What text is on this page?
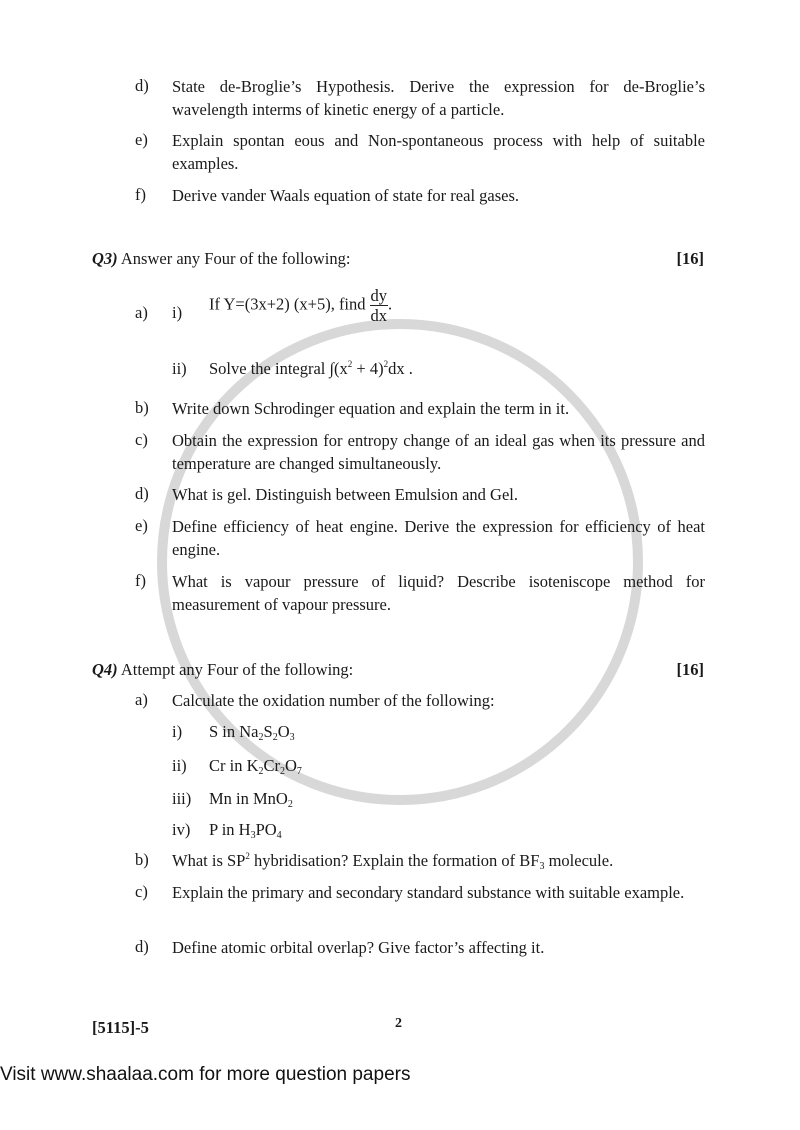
d) State de-Broglie’s Hypothesis. Derive the expression for de-Broglie’s wavelength interms of kinetic energy of a particle.
e) Explain spontan eous and Non-spontaneous process with help of suitable examples.
f) Derive vander Waals equation of state for real gases.
Q3) Answer any Four of the following:	[16]
a) i) If Y=(3x+2) (x+5), find $\frac{dy}{dx}$ .
ii) Solve the integral $\int(x^2 + 4)^2dx$ .
b) Write down Schrodinger equation and explain the term in it.
c) Obtain the expression for entropy change of an ideal gas when its pressure and temperature are changed simultaneously.
d) What is gel. Distinguish between Emulsion and Gel.
e) Define efficiency of heat engine. Derive the expression for efficiency of heat engine.
f) What is vapour pressure of liquid? Describe isoteniscope method for measurement of vapour pressure.
Q4) Attempt any Four of the following:	[16]
a) Calculate the oxidation number of the following:
i) S in $Na_2S_2O_3$
ii) Cr in $K_2Cr_2O_7$
iii) Mn in MnO$_2$
iv) P in $H_3PO_4$
b) What is $SP^2$ hybridisation? Explain the formation of $BF_3$ molecule.
c) Explain the primary and secondary standard substance with suitable example.
d) Define atomic orbital overlap? Give factor’s affecting it.
[5115]-5	2
Visit www.shaalaa.com for more question papers
